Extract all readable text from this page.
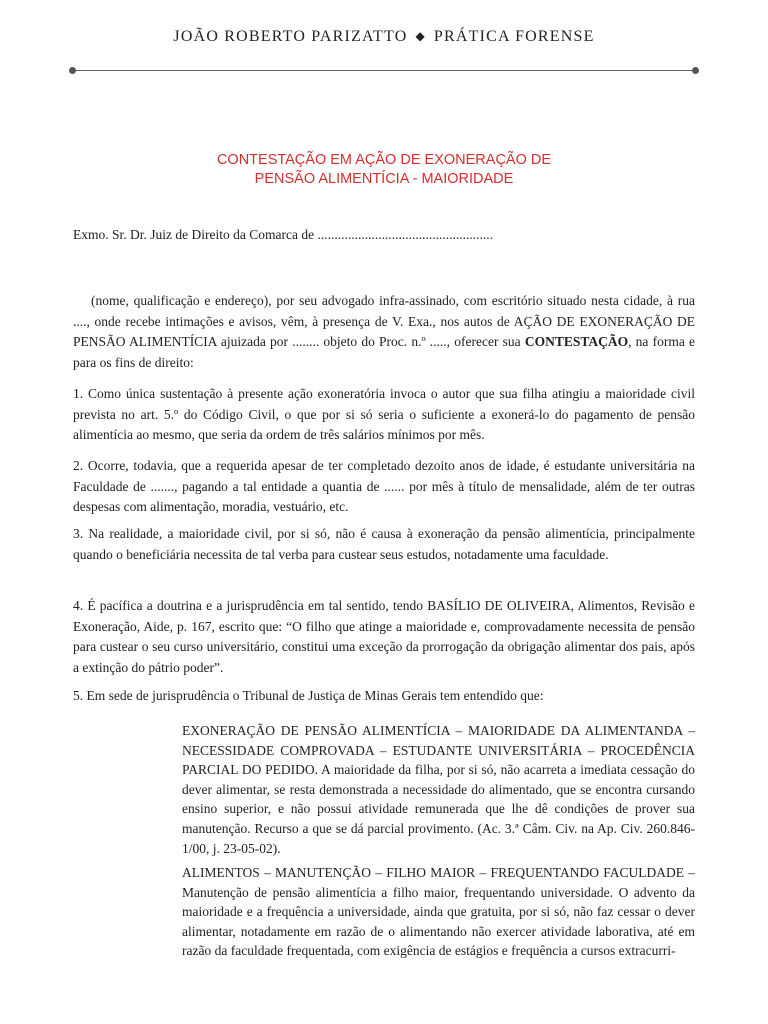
JOÃO ROBERTO PARIZATTO ◆ PRÁTICA FORENSE
CONTESTAÇÃO EM AÇÃO DE EXONERAÇÃO DE
PENSÃO ALIMENTÍCIA - MAIORIDADE
Exmo. Sr. Dr. Juiz de Direito da Comarca de ....................................................
(nome, qualificação e endereço), por seu advogado infra-assinado, com escritório situado nesta cidade, à rua ...., onde recebe intimações e avisos, vêm, à presença de V. Exa., nos autos de AÇÃO DE EXONERAÇÃO DE PENSÃO ALIMENTÍCIA ajuizada por ........ objeto do Proc. n.º ....., oferecer sua CONTESTAÇÃO, na forma e para os fins de direito:
1. Como única sustentação à presente ação exoneratória invoca o autor que sua filha atingiu a maioridade civil prevista no art. 5.º do Código Civil, o que por si só seria o suficiente a exonerá-lo do pagamento de pensão alimentícia ao mesmo, que seria da ordem de três salários mínimos por mês.
2. Ocorre, todavia, que a requerida apesar de ter completado dezoito anos de idade, é estudante universitária na Faculdade de ......., pagando a tal entidade a quantia de ...... por mês à título de mensalidade, além de ter outras despesas com alimentação, moradia, vestuário, etc.
3. Na realidade, a maioridade civil, por si só, não é causa à exoneração da pensão alimentícia, principalmente quando o beneficiária necessita de tal verba para custear seus estudos, notadamente uma faculdade.
4. É pacífica a doutrina e a jurisprudência em tal sentido, tendo BASÍLIO DE OLIVEIRA, Alimentos, Revisão e Exoneração, Aide, p. 167, escrito que: “O filho que atinge a maioridade e, comprovadamente necessita de pensão para custear o seu curso universitário, constitui uma exceção da prorrogação da obrigação alimentar dos pais, após a extinção do pátrio poder”.
5. Em sede de jurisprudência o Tribunal de Justiça de Minas Gerais tem entendido que:
EXONERAÇÃO DE PENSÃO ALIMENTÍCIA – MAIORIDADE DA ALIMENTANDA – NECESSIDADE COMPROVADA – ESTUDANTE UNIVERSITÁRIA – PROCEDÊNCIA PARCIAL DO PEDIDO. A maioridade da filha, por si só, não acarreta a imediata cessação do dever alimentar, se resta demonstrada a necessidade do alimentado, que se encontra cursando ensino superior, e não possui atividade remunerada que lhe dê condições de prover sua manutenção. Recurso a que se dá parcial provimento. (Ac. 3.ª Câm. Civ. na Ap. Civ. 260.846-1/00, j. 23-05-02).
ALIMENTOS – MANUTENÇÃO – FILHO MAIOR – FREQUENTANDO FACULDADE – Manutenção de pensão alimentícia a filho maior, frequentando universidade. O advento da maioridade e a frequência a universidade, ainda que gratuita, por si só, não faz cessar o dever alimentar, notadamente em razão de o alimentando não exercer atividade laborativa, até em razão da faculdade frequentada, com exigência de estágios e frequência a cursos extracurri-
